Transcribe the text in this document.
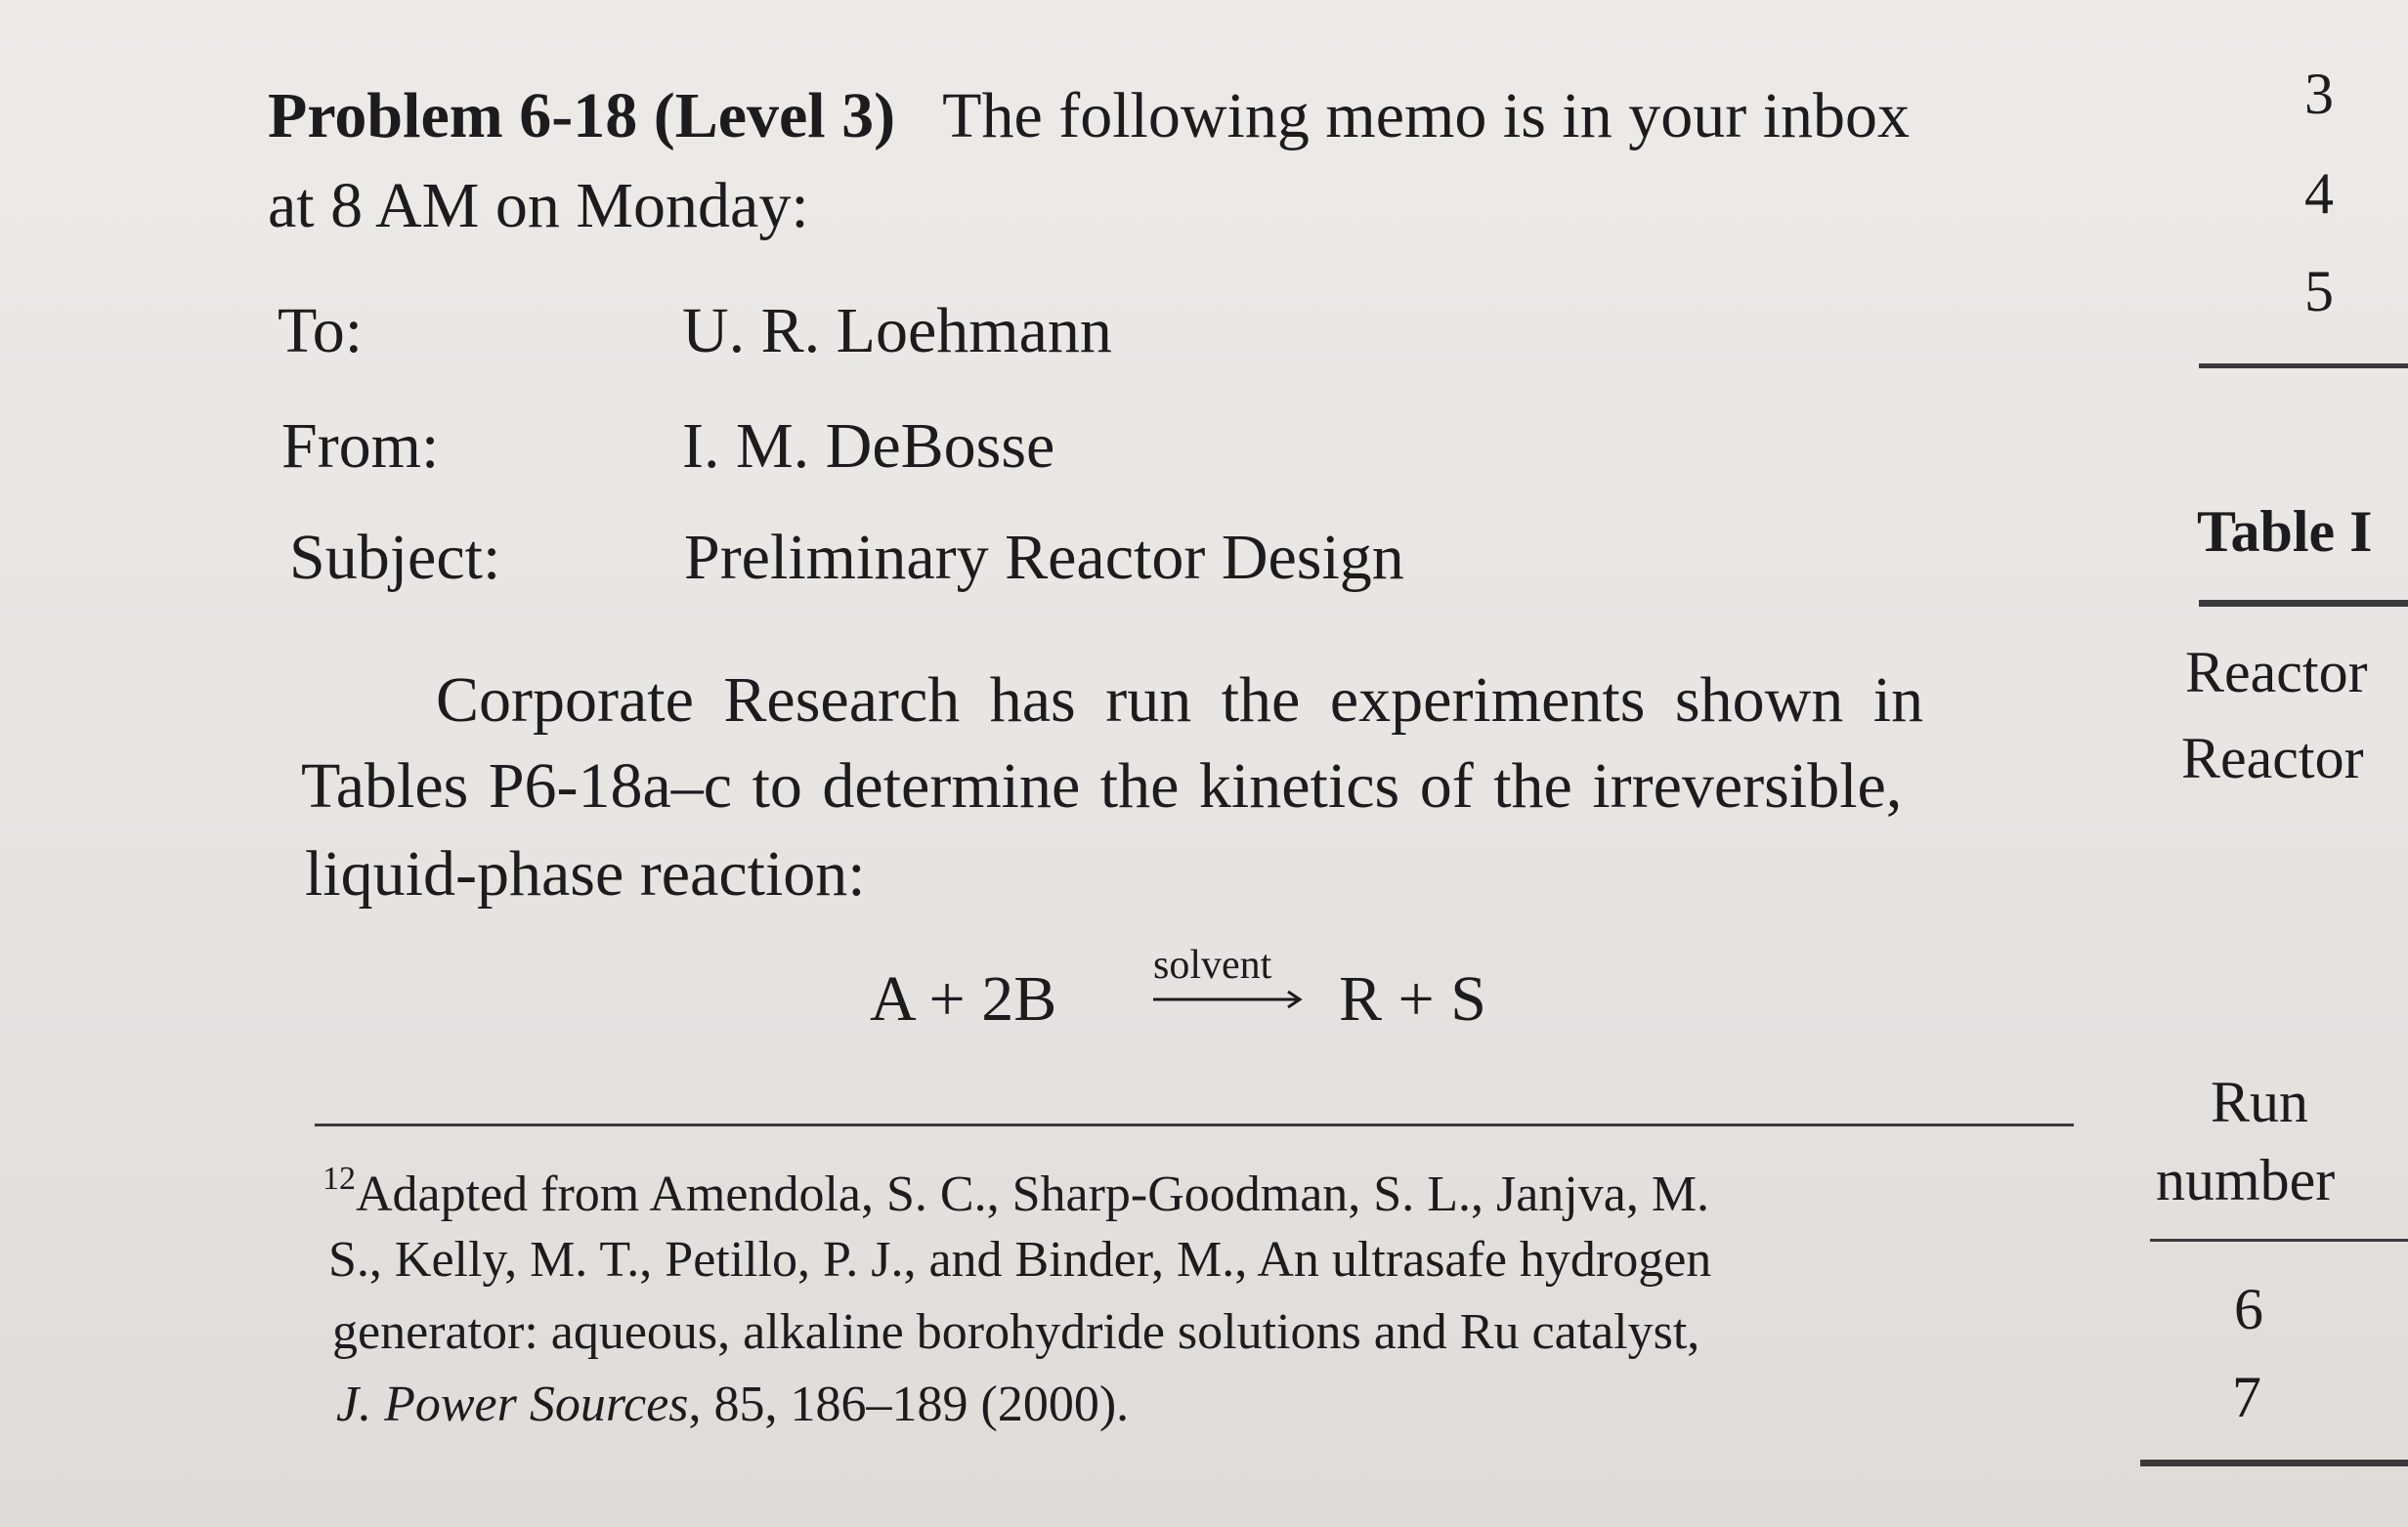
Problem 6-18 (Level 3) The following memo is in your inbox
at 8 AM on Monday:
To:	U. R. Loehmann
From:	I. M. DeBosse
Subject:	Preliminary Reactor Design
Corporate Research has run the experiments shown in
Tables P6-18a–c to determine the kinetics of the irreversible,
liquid-phase reaction:
A + 2B solvent R + S
$^{12}$Adapted from Amendola, S. C., Sharp-Goodman, S. L., Janjva, M.
S., Kelly, M. T., Petillo, P. J., and Binder, M., An ultrasafe hydrogen
generator: aqueous, alkaline borohydride solutions and Ru catalyst,
J. Power Sources, 85, 186–189 (2000).
3
4
5
Table I
Reactor
Reactor
Run
number
6
7
